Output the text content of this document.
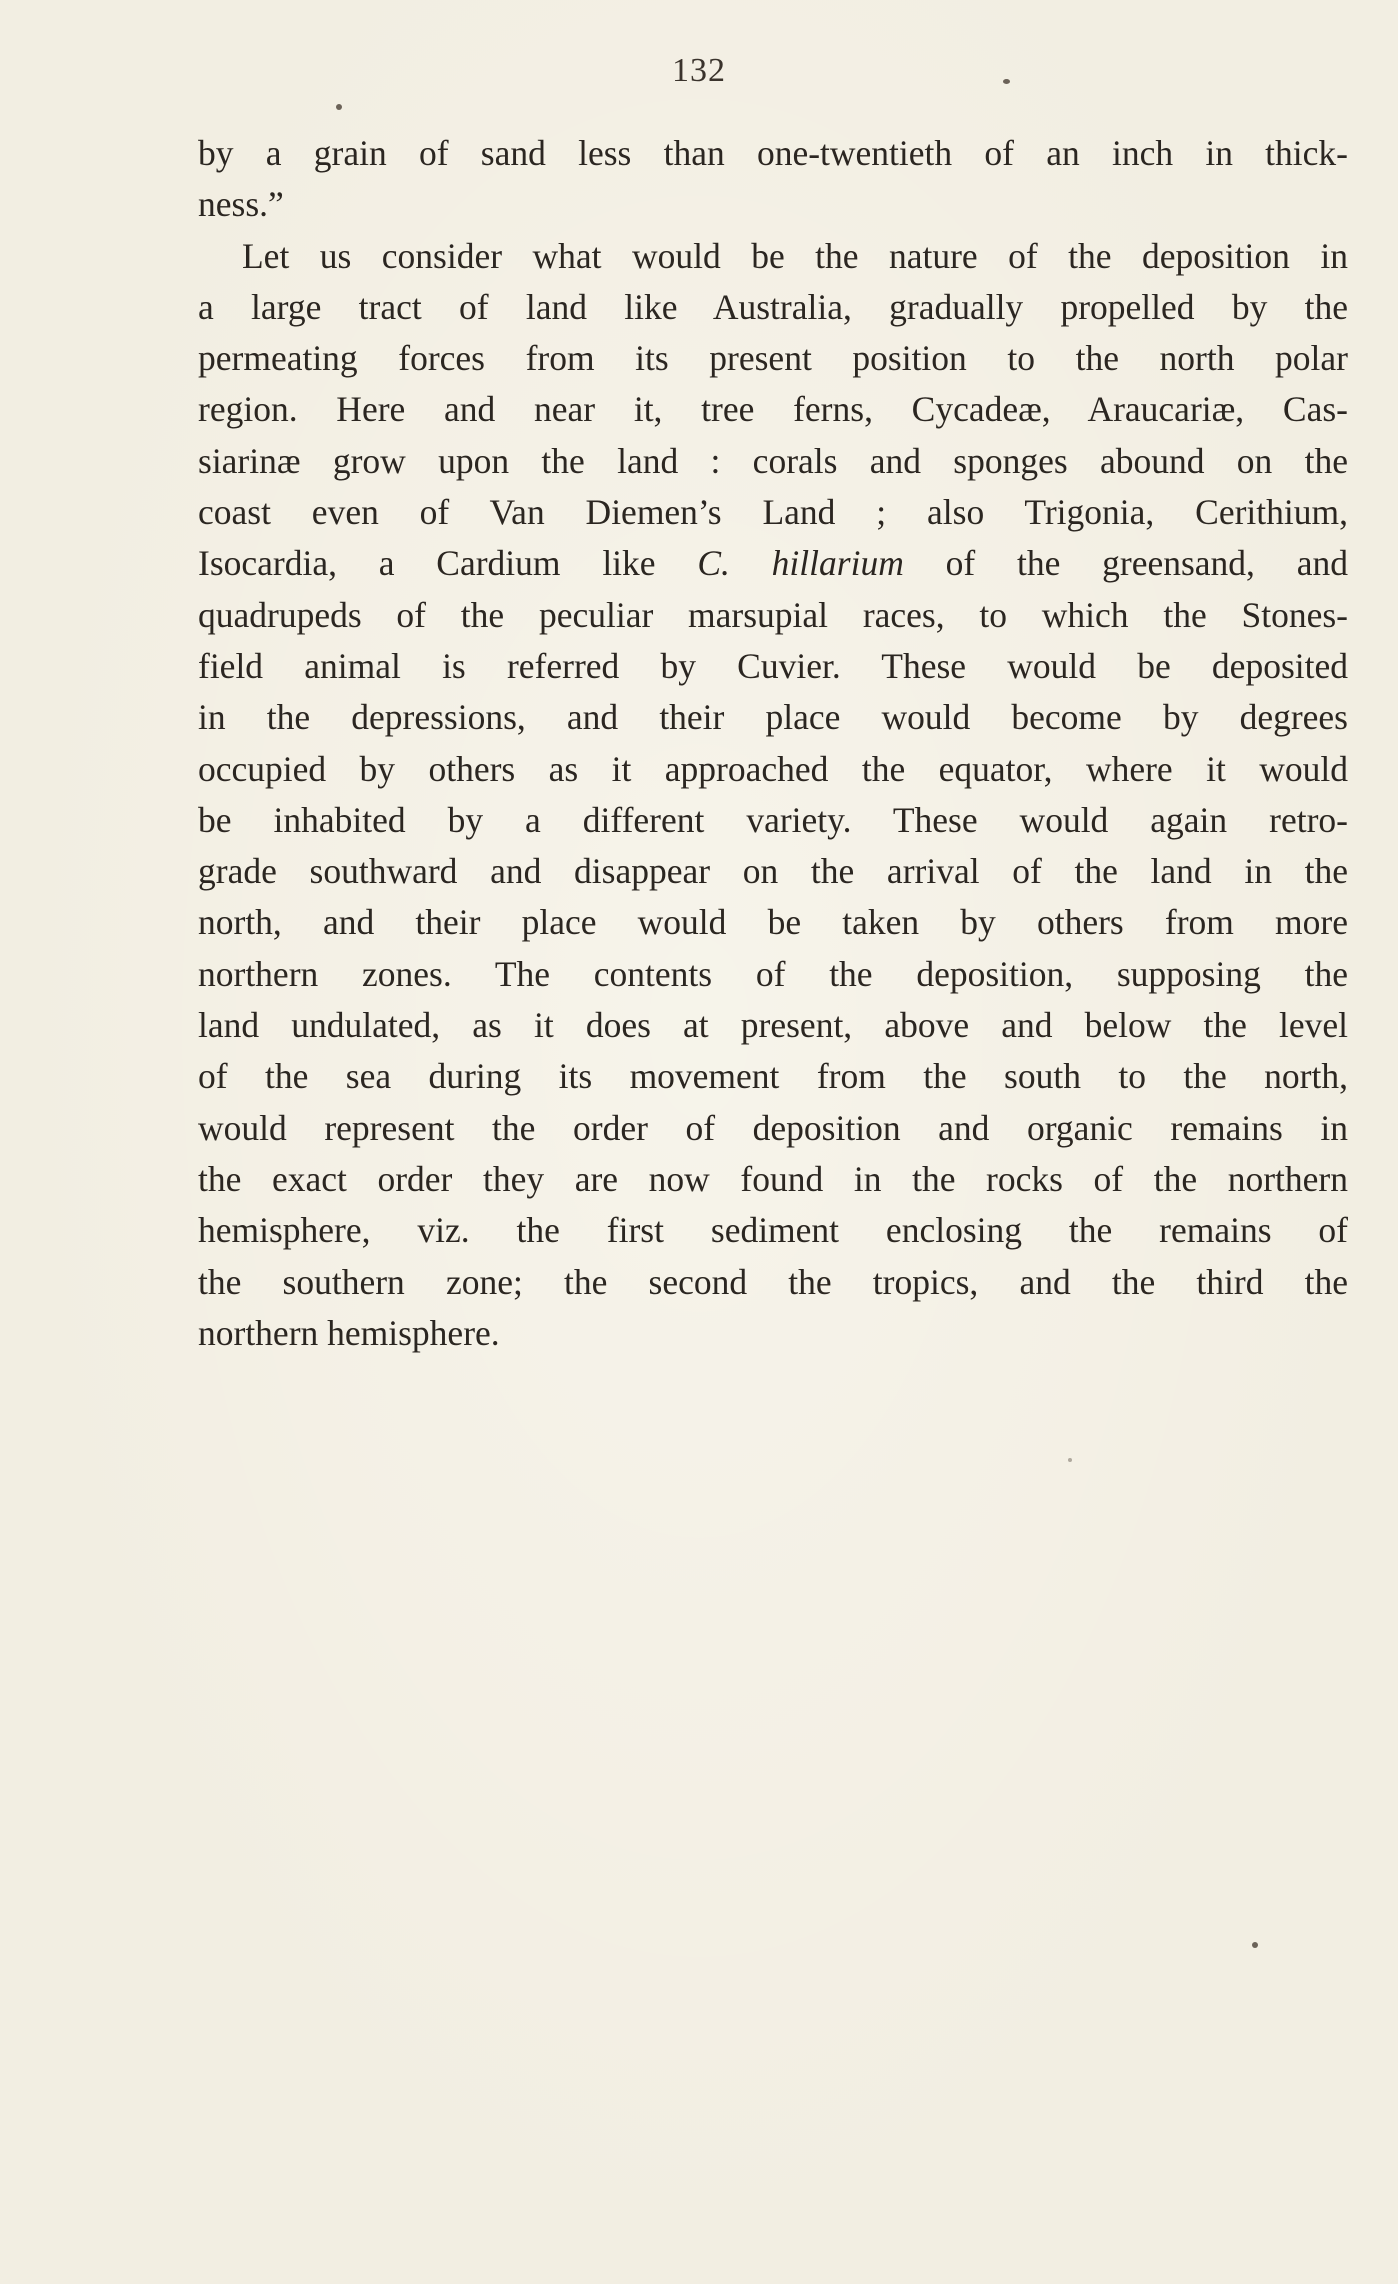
132
by a grain of sand less than one-twentieth of an inch in thick-
ness.”
Let us consider what would be the nature of the deposition in
a large tract of land like Australia, gradually propelled by the
permeating forces from its present position to the north polar
region. Here and near it, tree ferns, Cycadeæ, Araucariæ, Cas-
siarinæ grow upon the land : corals and sponges abound on the
coast even of Van Diemen’s Land ; also Trigonia, Cerithium,
Isocardia, a Cardium like C. hillarium of the greensand, and
quadrupeds of the peculiar marsupial races, to which the Stones-
field animal is referred by Cuvier. These would be deposited
in the depressions, and their place would become by degrees
occupied by others as it approached the equator, where it would
be inhabited by a different variety. These would again retro-
grade southward and disappear on the arrival of the land in the
north, and their place would be taken by others from more
northern zones. The contents of the deposition, supposing the
land undulated, as it does at present, above and below the level
of the sea during its movement from the south to the north,
would represent the order of deposition and organic remains in
the exact order they are now found in the rocks of the northern
hemisphere, viz. the first sediment enclosing the remains of
the southern zone; the second the tropics, and the third the
northern hemisphere.
